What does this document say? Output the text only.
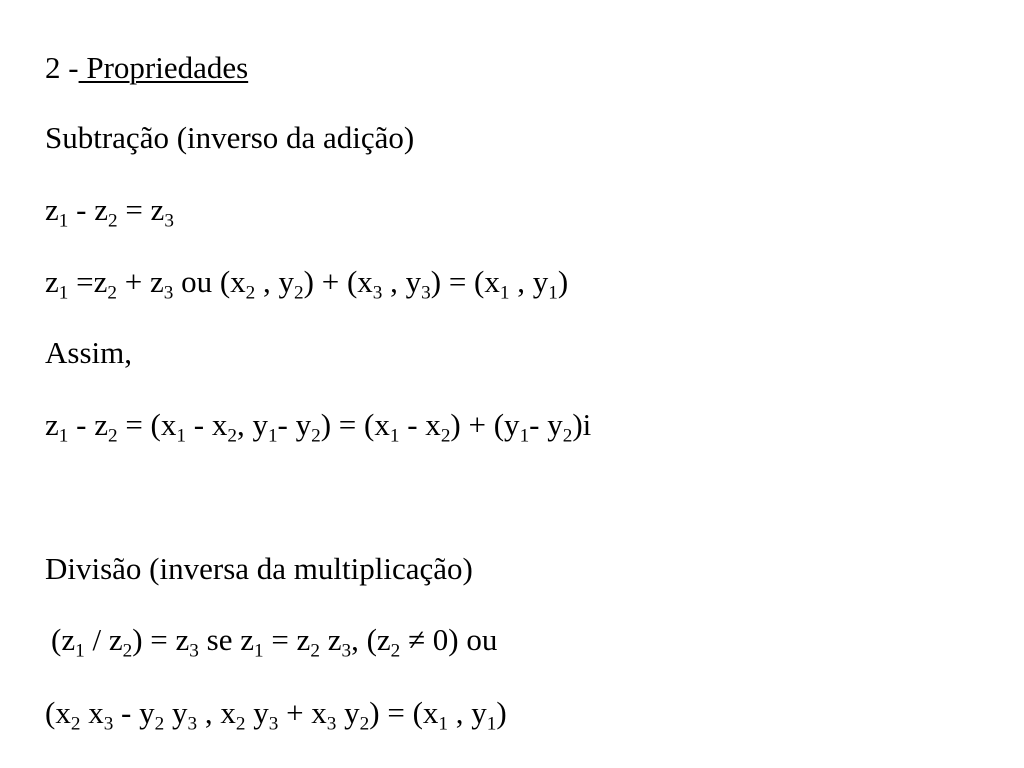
2 - Propriedades
Subtração (inverso da adição)
$z_1 - z_2 = z_3$
$z_1 =z_2 + z_3$ ou ($x_2$ , $y_2) + (x_3$ , $y_3) = (x_1$ , $y_1$)
Assim,
$z_1 - z_2 = (x_1 - x_2$, $y_1-$ $y_2) = (x_1 - x_2) + (y_1-$ $y_2)i$
Divisão (inversa da multiplicação)
$(z_1 / z_2) = z_3$ se $z_1 = z_2$ $z_3$, $(z_2 \ne 0)$ ou
($x_2$ $x_3 - y_2$ $y_3$ , $x_2$ $y_3 + x_3$ $y_2) = (x_1$ , $y_1$)
